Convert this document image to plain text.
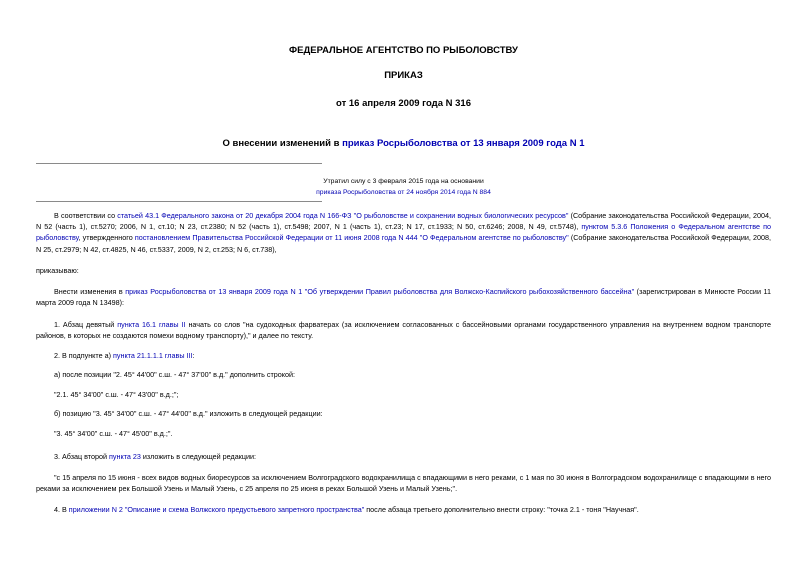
ФЕДЕРАЛЬНОЕ АГЕНТСТВО ПО РЫБОЛОВСТВУ
ПРИКАЗ
от 16 апреля 2009 года N 316
О внесении изменений в приказ Росрыболовства от 13 января 2009 года N 1
Утратил силу с 3 февраля 2015 года на основании
приказа Росрыболовства от 24 ноября 2014 года N 884
В соответствии со статьей 43.1 Федерального закона от 20 декабря 2004 года N 166-ФЗ "О рыболовстве и сохранении водных биологических ресурсов" (Собрание законодательства Российской Федерации, 2004, N 52 (часть 1), ст.5270; 2006, N 1, ст.10; N 23, ст.2380; N 52 (часть 1), ст.5498; 2007, N 1 (часть 1), ст.23; N 17, ст.1933; N 50, ст.6246; 2008, N 49, ст.5748), пунктом 5.3.6 Положения о Федеральном агентстве по рыболовству, утвержденного постановлением Правительства Российской Федерации от 11 июня 2008 года N 444 "О Федеральном агентстве по рыболовству" (Собрание законодательства Российской Федерации, 2008, N 25, ст.2979; N 42, ст.4825, N 46, ст.5337, 2009, N 2, ст.253; N 6, ст.738),
приказываю:
Внести изменения в приказ Росрыболовства от 13 января 2009 года N 1 "Об утверждении Правил рыболовства для Волжско-Каспийского рыбохозяйственного бассейна" (зарегистрирован в Минюсте России 11 марта 2009 года N 13498):
1. Абзац девятый пункта 16.1 главы II начать со слов "на судоходных фарватерах (за исключением согласованных с бассейновыми органами государственного управления на внутреннем водном транспорте районов, в которых не создаются помехи водному транспорту)," и далее по тексту.
2. В подпункте а) пункта 21.1.1.1 главы III:
а) после позиции "2. 45° 44'00" с.ш. - 47° 37'00" в.д." дополнить строкой:
"2.1. 45° 34'00" с.ш. - 47° 43'00" в.д.;";
б) позицию "3. 45° 34'00" с.ш. - 47° 44'00" в.д." изложить в следующей редакции:
"3. 45° 34'00" с.ш. - 47° 45'00" в.д.;".
3. Абзац второй пункта 23 изложить в следующей редакции:
"с 15 апреля по 15 июня - всех видов водных биоресурсов за исключением Волгоградского водохранилища с впадающими в него реками, с 1 мая по 30 июня в Волгоградском водохранилище с впадающими в него реками за исключением рек Большой Узень и Малый Узень, с 25 апреля по 25 июня в реках Большой Узень и Малый Узень;".
4. В приложении N 2 "Описание и схема Волжского предустьевого запретного пространства" после абзаца третьего дополнительно внести строку: "точка 2.1 - тоня "Научная".
